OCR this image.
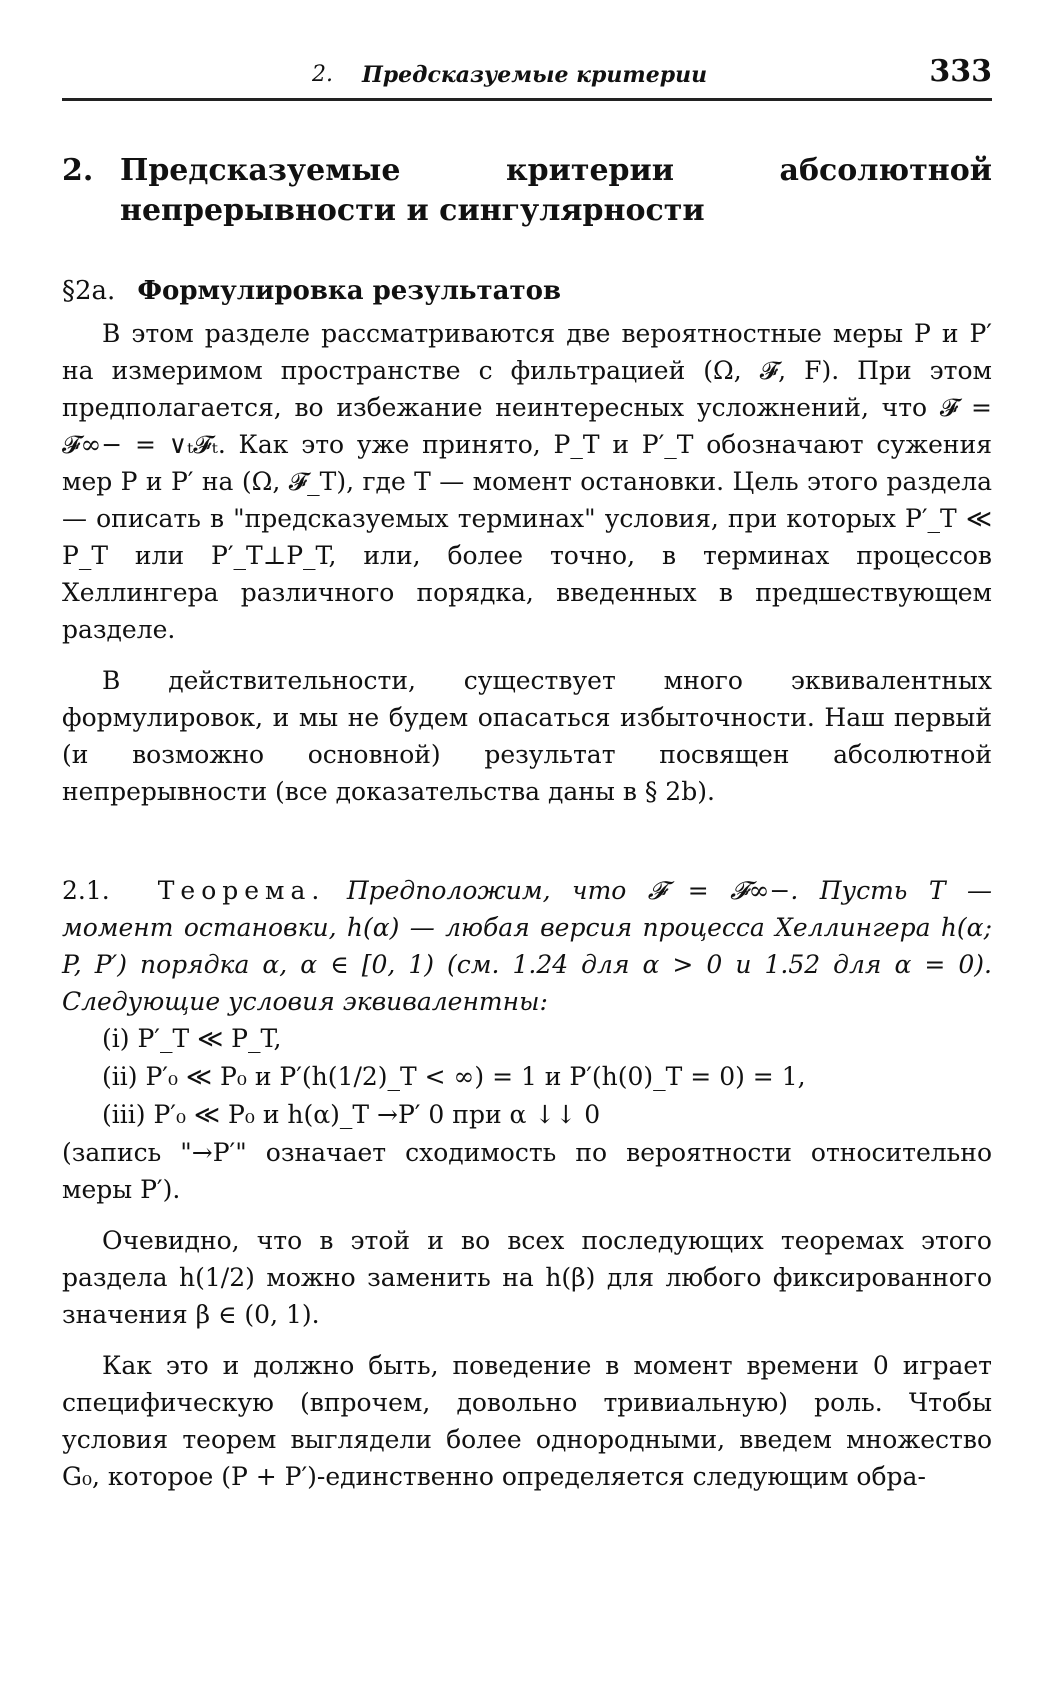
2. Предсказуемые критерии	333
2. Предсказуемые критерии абсолютной непрерывности и сингулярности
§2a. Формулировка результатов

В этом разделе рассматриваются две вероятностные меры P и P′ на измеримом пространстве с фильтрацией (Ω, 𝓕, F). При этом предполагается, во избежание неинтересных усложнений, что 𝓕 = 𝓕∞− = ∨ₜ𝓕ₜ. Как это уже принято, P_T и P′_T обозначают сужения мер P и P′ на (Ω, 𝓕_T), где T — момент остановки. Цель этого раздела — описать в "предсказуемых терминах" условия, при которых P′_T ≪ P_T или P′_T⊥P_T, или, более точно, в терминах процессов Хеллингера различного порядка, введенных в предшествующем разделе.

В действительности, существует много эквивалентных формулировок, и мы не будем опасаться избыточности. Наш первый (и возможно основной) результат посвящен абсолютной непрерывности (все доказательства даны в § 2b).

2.1. Теорема. Предположим, что 𝓕 = 𝓕∞−. Пусть T — момент остановки, h(α) — любая версия процесса Хеллингера h(α; P, P′) порядка α, α ∈ [0, 1) (см. 1.24 для α > 0 и 1.52 для α = 0). Следующие условия эквивалентны:

(i) P′_T ≪ P_T,
(ii) P′₀ ≪ P₀ и P′(h(1/2)_T < ∞) = 1 и P′(h(0)_T = 0) = 1,
(iii) P′₀ ≪ P₀ и h(α)_T →P′ 0 при α ↓↓ 0

(запись "→P′" означает сходимость по вероятности относительно меры P′).

Очевидно, что в этой и во всех последующих теоремах этого раздела h(1/2) можно заменить на h(β) для любого фиксированного значения β ∈ (0, 1).

Как это и должно быть, поведение в момент времени 0 играет специфическую (впрочем, довольно тривиальную) роль. Чтобы условия теорем выглядели более однородными, введем множество G₀, которое (P + P′)-единственно определяется следующим обра-
